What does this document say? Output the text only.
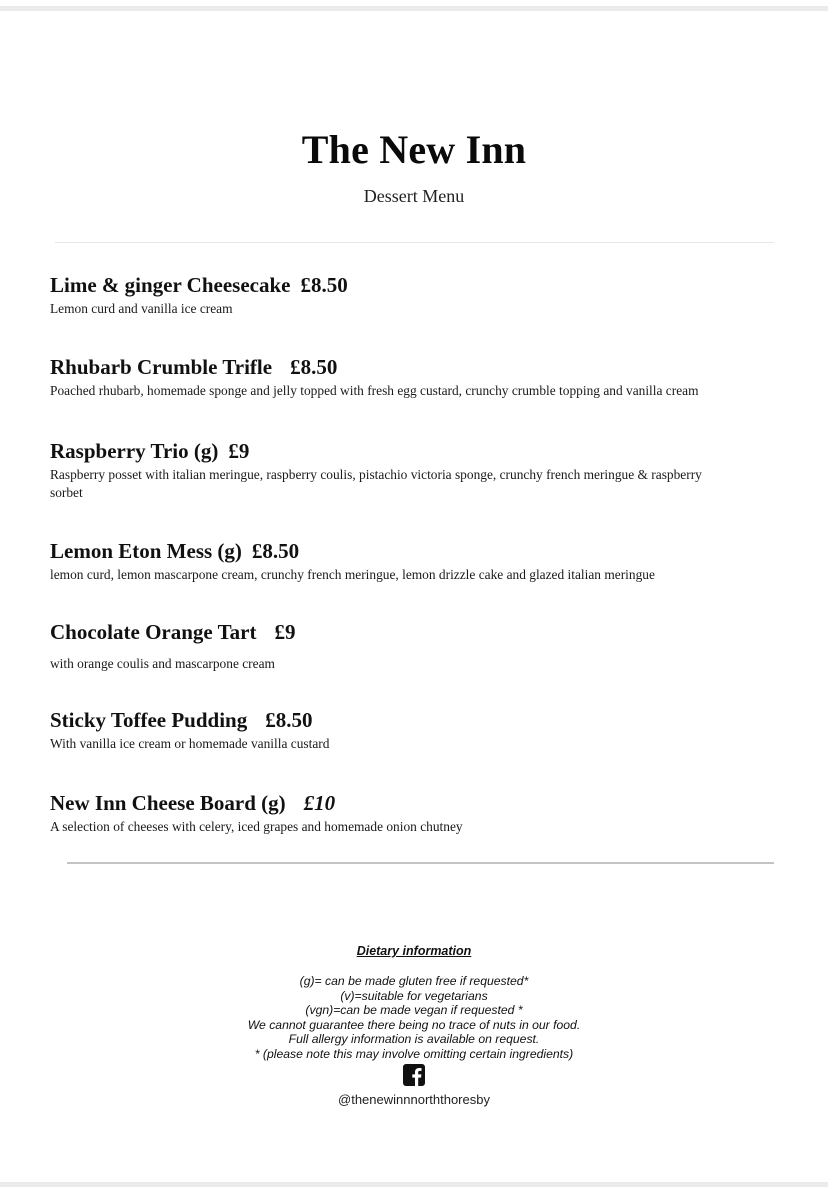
The New Inn
Dessert Menu
Lime & ginger Cheesecake £8.50
Lemon curd and vanilla ice cream
Rhubarb Crumble Trifle £8.50
Poached rhubarb, homemade sponge and jelly topped with fresh egg custard, crunchy crumble topping and vanilla cream
Raspberry Trio (g) £9
Raspberry posset with italian meringue, raspberry coulis, pistachio victoria sponge, crunchy french meringue & raspberry sorbet
Lemon Eton Mess (g) £8.50
lemon curd, lemon mascarpone cream, crunchy french meringue, lemon drizzle cake and glazed italian meringue
Chocolate Orange Tart £9
with orange coulis and mascarpone cream
Sticky Toffee Pudding £8.50
With vanilla ice cream or homemade vanilla custard
New Inn Cheese Board (g) £10
A selection of cheeses with celery, iced grapes and homemade onion chutney
Dietary information
(g)= can be made gluten free if requested*
(v)=suitable for vegetarians
(vgn)=can be made vegan if requested *
We cannot guarantee there being no trace of nuts in our food.
Full allergy information is available on request.
* (please note this may involve omitting certain ingredients)
@thenewinnnorththoresby
